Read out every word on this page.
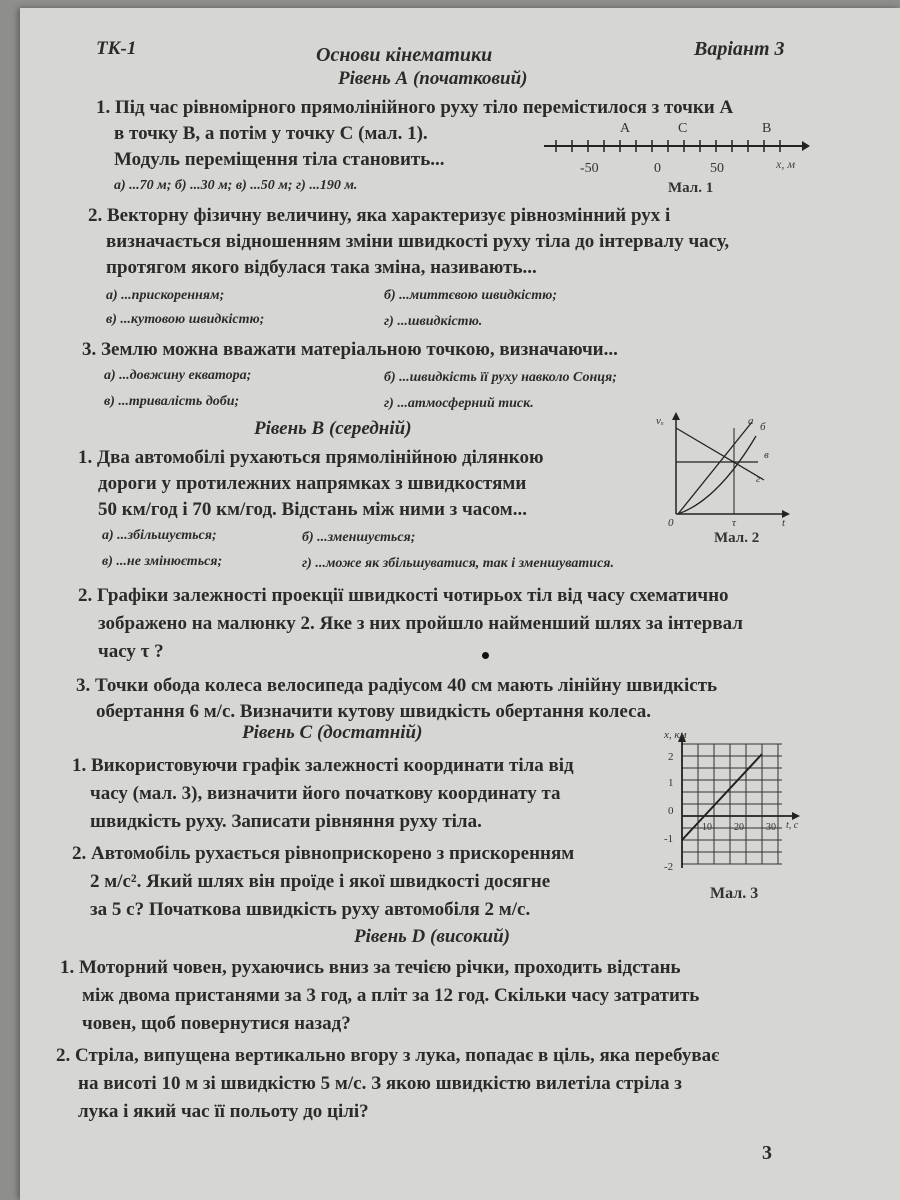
ТК-1	Основи кінематики	Варіант 3
Рівень А (початковий)
1. Під час рівномірного прямолінійного руху тіло перемістилося з точки А
в точку В, а потім у точку С (мал. 1).
Модуль переміщення тіла становить...
а) ...70 м; б) ...30 м; в) ...50 м; г) ...190 м.
А	С	В
-50	0	50	x, м
Мал. 1
2. Векторну фізичну величину, яка характеризує рівнозмінний рух і
визначається відношенням зміни швидкості руху тіла до інтервалу часу,
протягом якого відбулася така зміна, називають...
а) ...прискоренням;	б) ...миттєвою швидкістю;
в) ...кутовою швидкістю;	г) ...швидкістю.
3. Землю можна вважати матеріальною точкою, визначаючи...
а) ...довжину екватора;	б) ...швидкість її руху навколо Сонця;
в) ...тривалість доби;	г) ...атмосферний тиск.
Рівень В (середній)
1. Два автомобілі рухаються прямолінійною ділянкою
дороги у протилежних напрямках з швидкостями
50 км/год і 70 км/год. Відстань між ними з часом...
а) ...збільшується;	б) ...зменшується;
в) ...не змінюється;	г) ...може як збільшуватися, так і зменшуватися.
vₓ	а б
в
г
0	τ	t
Мал. 2
2. Графіки залежності проекції швидкості чотирьох тіл від часу схематично
зображено на малюнку 2. Яке з них пройшло найменший шлях за інтервал
часу τ ?
3. Точки обода колеса велосипеда радіусом 40 см мають лінійну швидкість
обертання 6 м/с. Визначити кутову швидкість обертання колеса.
Рівень С (достатній)
1. Використовуючи графік залежності координати тіла від
часу (мал. 3), визначити його початкову координату та
швидкість руху. Записати рівняння руху тіла.
2. Автомобіль рухається рівноприскорено з прискоренням
2 м/с². Який шлях він проїде і якої швидкості досягне
за 5 с? Початкова швидкість руху автомобіля 2 м/с.
x, км
2
1
0
-1
-2
10 20 30 t, с
Мал. 3
Рівень D (високий)
1. Моторний човен, рухаючись вниз за течією річки, проходить відстань
між двома пристанями за 3 год, а пліт за 12 год. Скільки часу затратить
човен, щоб повернутися назад?
2. Стріла, випущена вертикально вгору з лука, попадає в ціль, яка перебуває
на висоті 10 м зі швидкістю 5 м/с. З якою швидкістю вилетіла стріла з
лука і який час її польоту до цілі?
3
